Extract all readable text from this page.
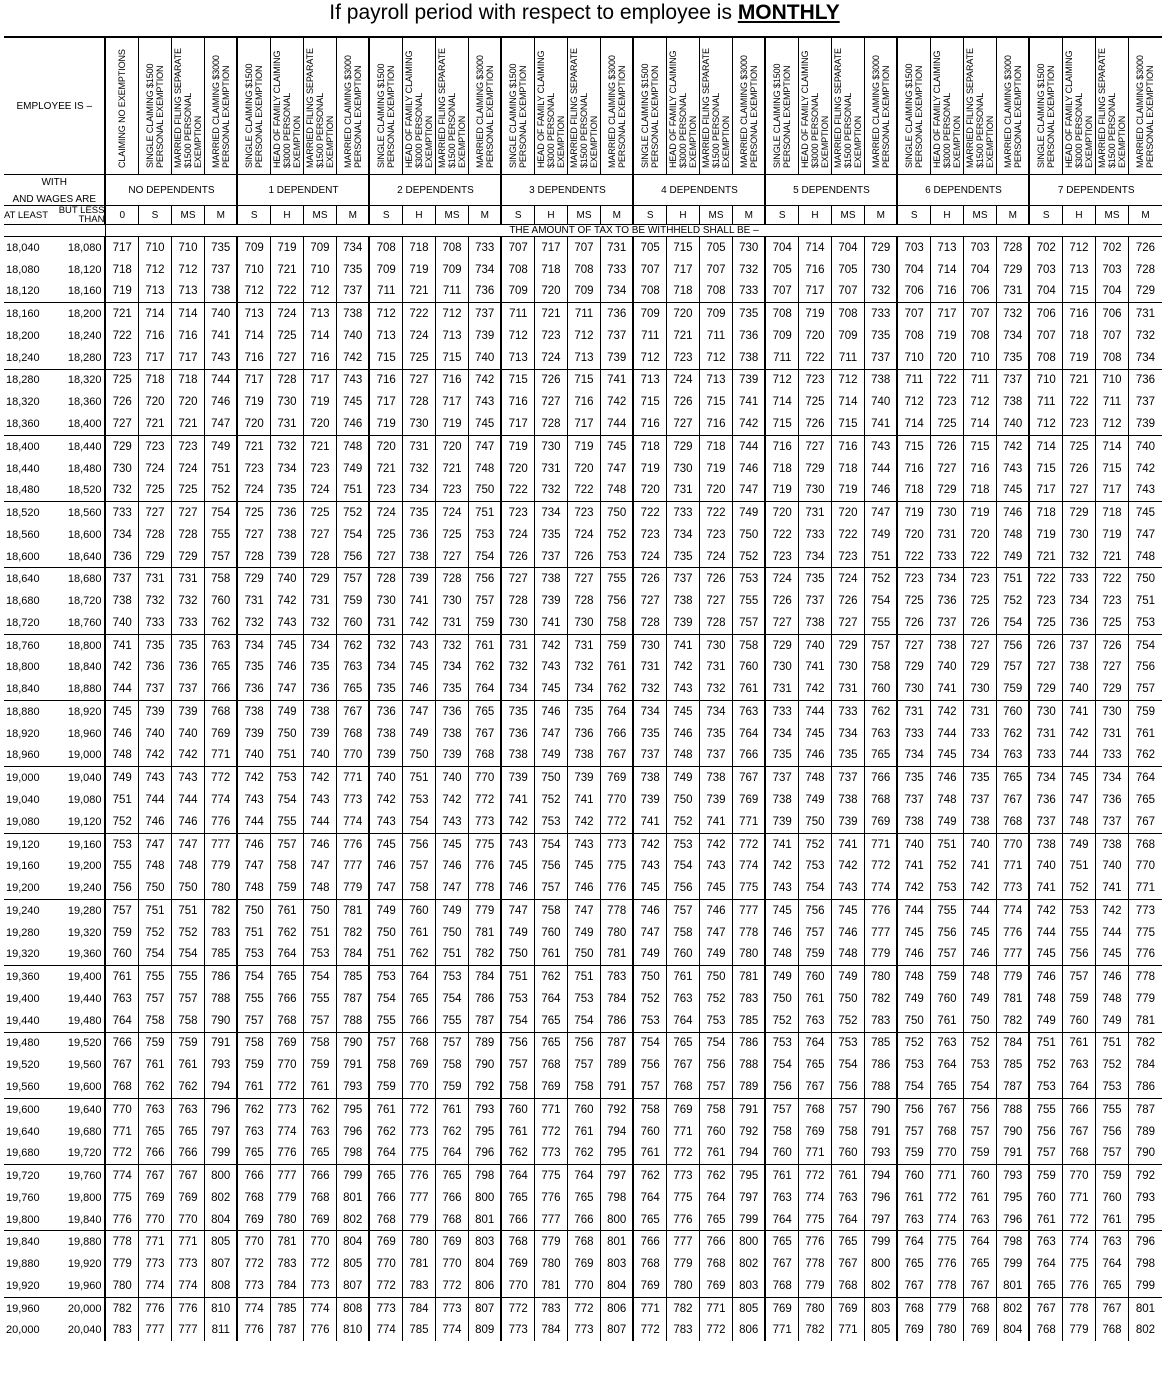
If payroll period with respect to employee is MONTHLY
EMPLOYEE IS –		CLAIMING NO EXEMPTIONS	SINGLE CLAIMING $1500 PERSONAL EXEMPTION	MARRIED FILING SEPARATE $1500 PERSONAL EXEMPTION	MARRIED CLAIMING $3000 PERSONAL EXEMPTION	SINGLE CLAIMING $1500 PERSONAL EXEMPTION	HEAD OF FAMILY CLAIMING $3000 PERSONAL EXEMPTION	MARRIED FILING SEPARATE $1500 PERSONAL EXEMPTION	MARRIED CLAIMING $3000 PERSONAL EXEMPTION	SINGLE CLAIMING $1500 PERSONAL EXEMPTION	HEAD OF FAMILY CLAIMING $3000 PERSONAL EXEMPTION	MARRIED FILING SEPARATE $1500 PERSONAL EXEMPTION	MARRIED CLAIMING $3000 PERSONAL EXEMPTION	SINGLE CLAIMING $1500 PERSONAL EXEMPTION	HEAD OF FAMILY CLAIMING $3000 PERSONAL EXEMPTION	MARRIED FILING SEPARATE $1500 PERSONAL EXEMPTION	MARRIED CLAIMING $3000 PERSONAL EXEMPTION	SINGLE CLAIMING $1500 PERSONAL EXEMPTION	HEAD OF FAMILY CLAIMING $3000 PERSONAL EXEMPTION	MARRIED FILING SEPARATE $1500 PERSONAL EXEMPTION	MARRIED CLAIMING $3000 PERSONAL EXEMPTION	SINGLE CLAIMING $1500 PERSONAL EXEMPTION	HEAD OF FAMILY CLAIMING $3000 PERSONAL EXEMPTION	MARRIED FILING SEPARATE $1500 PERSONAL EXEMPTION	MARRIED CLAIMING $3000 PERSONAL EXEMPTION	SINGLE CLAIMING $1500 PERSONAL EXEMPTION	HEAD OF FAMILY CLAIMING $3000 PERSONAL EXEMPTION	MARRIED FILING SEPARATE $1500 PERSONAL EXEMPTION	MARRIED CLAIMING $3000 PERSONAL EXEMPTION	SINGLE CLAIMING $1500 PERSONAL EXEMPTION	HEAD OF FAMILY CLAIMING $3000 PERSONAL EXEMPTION	MARRIED FILING SEPARATE $1500 PERSONAL EXEMPTION	MARRIED CLAIMING $3000 PERSONAL EXEMPTION

WITH
AND WAGES ARE		NO DEPENDENTS				1 DEPENDENT				2 DEPENDENTS				3 DEPENDENTS				4 DEPENDENTS				5 DEPENDENTS				6 DEPENDENTS				7 DEPENDENTS			
AT LEAST	BUT LESS THAN	0	S	MS	M	S	H	MS	M	S	H	MS	M	S	H	MS	M	S	H	MS	M	S	H	MS	M	S	H	MS	M	S	H	MS	M
		THE AMOUNT OF TAX TO BE WITHHELD SHALL BE –																															
18,040	18,080	717	710	710	735	709	719	709	734	708	718	708	733	707	717	707	731	705	715	705	730	704	714	704	729	703	713	703	728	702	712	702	726
18,080	18,120	718	712	712	737	710	721	710	735	709	719	709	734	708	718	708	733	707	717	707	732	705	716	705	730	704	714	704	729	703	713	703	728
18,120	18,160	719	713	713	738	712	722	712	737	711	721	711	736	709	720	709	734	708	718	708	733	707	717	707	732	706	716	706	731	704	715	704	729
18,160	18,200	721	714	714	740	713	724	713	738	712	722	712	737	711	721	711	736	709	720	709	735	708	719	708	733	707	717	707	732	706	716	706	731
18,200	18,240	722	716	716	741	714	725	714	740	713	724	713	739	712	723	712	737	711	721	711	736	709	720	709	735	708	719	708	734	707	718	707	732
18,240	18,280	723	717	717	743	716	727	716	742	715	725	715	740	713	724	713	739	712	723	712	738	711	722	711	737	710	720	710	735	708	719	708	734
18,280	18,320	725	718	718	744	717	728	717	743	716	727	716	742	715	726	715	741	713	724	713	739	712	723	712	738	711	722	711	737	710	721	710	736
18,320	18,360	726	720	720	746	719	730	719	745	717	728	717	743	716	727	716	742	715	726	715	741	714	725	714	740	712	723	712	738	711	722	711	737
18,360	18,400	727	721	721	747	720	731	720	746	719	730	719	745	717	728	717	744	716	727	716	742	715	726	715	741	714	725	714	740	712	723	712	739
18,400	18,440	729	723	723	749	721	732	721	748	720	731	720	747	719	730	719	745	718	729	718	744	716	727	716	743	715	726	715	742	714	725	714	740
18,440	18,480	730	724	724	751	723	734	723	749	721	732	721	748	720	731	720	747	719	730	719	746	718	729	718	744	716	727	716	743	715	726	715	742
18,480	18,520	732	725	725	752	724	735	724	751	723	734	723	750	722	732	722	748	720	731	720	747	719	730	719	746	718	729	718	745	717	727	717	743
18,520	18,560	733	727	727	754	725	736	725	752	724	735	724	751	723	734	723	750	722	733	722	749	720	731	720	747	719	730	719	746	718	729	718	745
18,560	18,600	734	728	728	755	727	738	727	754	725	736	725	753	724	735	724	752	723	734	723	750	722	733	722	749	720	731	720	748	719	730	719	747
18,600	18,640	736	729	729	757	728	739	728	756	727	738	727	754	726	737	726	753	724	735	724	752	723	734	723	751	722	733	722	749	721	732	721	748
18,640	18,680	737	731	731	758	729	740	729	757	728	739	728	756	727	738	727	755	726	737	726	753	724	735	724	752	723	734	723	751	722	733	722	750
18,680	18,720	738	732	732	760	731	742	731	759	730	741	730	757	728	739	728	756	727	738	727	755	726	737	726	754	725	736	725	752	723	734	723	751
18,720	18,760	740	733	733	762	732	743	732	760	731	742	731	759	730	741	730	758	728	739	728	757	727	738	727	755	726	737	726	754	725	736	725	753
18,760	18,800	741	735	735	763	734	745	734	762	732	743	732	761	731	742	731	759	730	741	730	758	729	740	729	757	727	738	727	756	726	737	726	754
18,800	18,840	742	736	736	765	735	746	735	763	734	745	734	762	732	743	732	761	731	742	731	760	730	741	730	758	729	740	729	757	727	738	727	756
18,840	18,880	744	737	737	766	736	747	736	765	735	746	735	764	734	745	734	762	732	743	732	761	731	742	731	760	730	741	730	759	729	740	729	757
18,880	18,920	745	739	739	768	738	749	738	767	736	747	736	765	735	746	735	764	734	745	734	763	733	744	733	762	731	742	731	760	730	741	730	759
18,920	18,960	746	740	740	769	739	750	739	768	738	749	738	767	736	747	736	766	735	746	735	764	734	745	734	763	733	744	733	762	731	742	731	761
18,960	19,000	748	742	742	771	740	751	740	770	739	750	739	768	738	749	738	767	737	748	737	766	735	746	735	765	734	745	734	763	733	744	733	762
19,000	19,040	749	743	743	772	742	753	742	771	740	751	740	770	739	750	739	769	738	749	738	767	737	748	737	766	735	746	735	765	734	745	734	764
19,040	19,080	751	744	744	774	743	754	743	773	742	753	742	772	741	752	741	770	739	750	739	769	738	749	738	768	737	748	737	767	736	747	736	765
19,080	19,120	752	746	746	776	744	755	744	774	743	754	743	773	742	753	742	772	741	752	741	771	739	750	739	769	738	749	738	768	737	748	737	767
19,120	19,160	753	747	747	777	746	757	746	776	745	756	745	775	743	754	743	773	742	753	742	772	741	752	741	771	740	751	740	770	738	749	738	768
19,160	19,200	755	748	748	779	747	758	747	777	746	757	746	776	745	756	745	775	743	754	743	774	742	753	742	772	741	752	741	771	740	751	740	770
19,200	19,240	756	750	750	780	748	759	748	779	747	758	747	778	746	757	746	776	745	756	745	775	743	754	743	774	742	753	742	773	741	752	741	771
19,240	19,280	757	751	751	782	750	761	750	781	749	760	749	779	747	758	747	778	746	757	746	777	745	756	745	776	744	755	744	774	742	753	742	773
19,280	19,320	759	752	752	783	751	762	751	782	750	761	750	781	749	760	749	780	747	758	747	778	746	757	746	777	745	756	745	776	744	755	744	775
19,320	19,360	760	754	754	785	753	764	753	784	751	762	751	782	750	761	750	781	749	760	749	780	748	759	748	779	746	757	746	777	745	756	745	776
19,360	19,400	761	755	755	786	754	765	754	785	753	764	753	784	751	762	751	783	750	761	750	781	749	760	749	780	748	759	748	779	746	757	746	778
19,400	19,440	763	757	757	788	755	766	755	787	754	765	754	786	753	764	753	784	752	763	752	783	750	761	750	782	749	760	749	781	748	759	748	779
19,440	19,480	764	758	758	790	757	768	757	788	755	766	755	787	754	765	754	786	753	764	753	785	752	763	752	783	750	761	750	782	749	760	749	781
19,480	19,520	766	759	759	791	758	769	758	790	757	768	757	789	756	765	756	787	754	765	754	786	753	764	753	785	752	763	752	784	751	761	751	782
19,520	19,560	767	761	761	793	759	770	759	791	758	769	758	790	757	768	757	789	756	767	756	788	754	765	754	786	753	764	753	785	752	763	752	784
19,560	19,600	768	762	762	794	761	772	761	793	759	770	759	792	758	769	758	791	757	768	757	789	756	767	756	788	754	765	754	787	753	764	753	786
19,600	19,640	770	763	763	796	762	773	762	795	761	772	761	793	760	771	760	792	758	769	758	791	757	768	757	790	756	767	756	788	755	766	755	787
19,640	19,680	771	765	765	797	763	774	763	796	762	773	762	795	761	772	761	794	760	771	760	792	758	769	758	791	757	768	757	790	756	767	756	789
19,680	19,720	772	766	766	799	765	776	765	798	764	775	764	796	762	773	762	795	761	772	761	794	760	771	760	793	759	770	759	791	757	768	757	790
19,720	19,760	774	767	767	800	766	777	766	799	765	776	765	798	764	775	764	797	762	773	762	795	761	772	761	794	760	771	760	793	759	770	759	792
19,760	19,800	775	769	769	802	768	779	768	801	766	777	766	800	765	776	765	798	764	775	764	797	763	774	763	796	761	772	761	795	760	771	760	793
19,800	19,840	776	770	770	804	769	780	769	802	768	779	768	801	766	777	766	800	765	776	765	799	764	775	764	797	763	774	763	796	761	772	761	795
19,840	19,880	778	771	771	805	770	781	770	804	769	780	769	803	768	779	768	801	766	777	766	800	765	776	765	799	764	775	764	798	763	774	763	796
19,880	19,920	779	773	773	807	772	783	772	805	770	781	770	804	769	780	769	803	768	779	768	802	767	778	767	800	765	776	765	799	764	775	764	798
19,920	19,960	780	774	774	808	773	784	773	807	772	783	772	806	770	781	770	804	769	780	769	803	768	779	768	802	767	778	767	801	765	776	765	799
19,960	20,000	782	776	776	810	774	785	774	808	773	784	773	807	772	783	772	806	771	782	771	805	769	780	769	803	768	779	768	802	767	778	767	801
20,000	20,040	783	777	777	811	776	787	776	810	774	785	774	809	773	784	773	807	772	783	772	806	771	782	771	805	769	780	769	804	768	779	768	802
